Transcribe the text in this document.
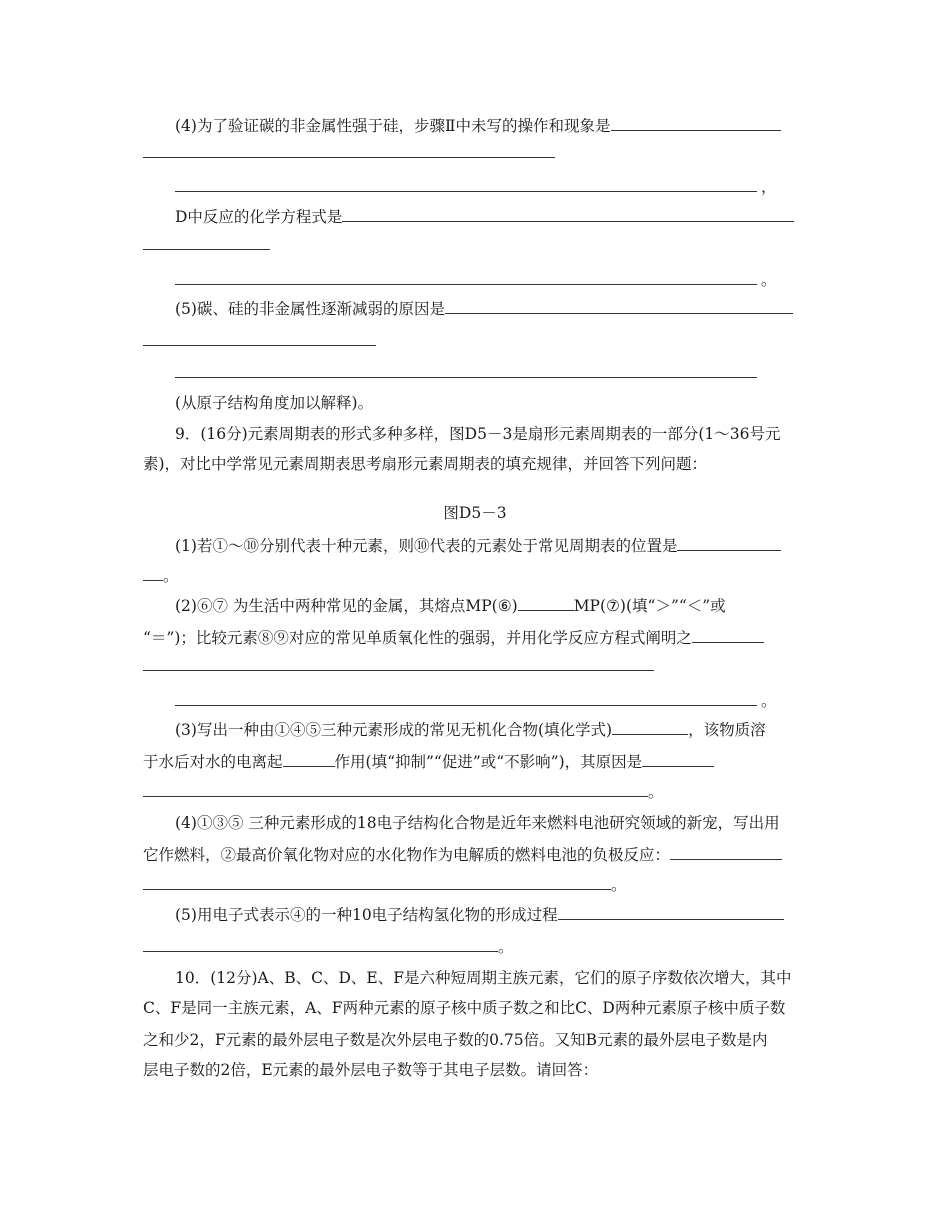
(4)为了验证碳的非金属性强于硅，步骤Ⅱ中未写的操作和现象是
，
D中反应的化学方程式是
。
(5)碳、硅的非金属性逐渐减弱的原因是
(从原子结构角度加以解释)。
9．(16分)元素周期表的形式多种多样，图D5－3是扇形元素周期表的一部分(1～36号元
素)，对比中学常见元素周期表思考扇形元素周期表的填充规律，并回答下列问题：
图D5－3
(1)若①～⑩分别代表十种元素，则⑩代表的元素处于常见周期表的位置是
。
(2)⑥⑦ 为生活中两种常见的金属，其熔点MP(⑥)	MP(⑦)(填“＞”“＜”或
“＝”)；比较元素⑧⑨对应的常见单质氧化性的强弱，并用化学反应方程式阐明之
。
(3)写出一种由①④⑤三种元素形成的常见无机化合物(填化学式)	，该物质溶
于水后对水的电离起	作用(填“抑制”“促进”或“不影响”)，其原因是
。
(4)①③⑤ 三种元素形成的18电子结构化合物是近年来燃料电池研究领域的新宠，写出用
它作燃料，②最高价氧化物对应的水化物作为电解质的燃料电池的负极反应：
。
(5)用电子式表示④的一种10电子结构氢化物的形成过程
。
10．(12分)A、B、C、D、E、F是六种短周期主族元素，它们的原子序数依次增大，其中
C、F是同一主族元素，A、F两种元素的原子核中质子数之和比C、D两种元素原子核中质子数
之和少2，F元素的最外层电子数是次外层电子数的0.75倍。又知B元素的最外层电子数是内
层电子数的2倍，E元素的最外层电子数等于其电子层数。请回答：
